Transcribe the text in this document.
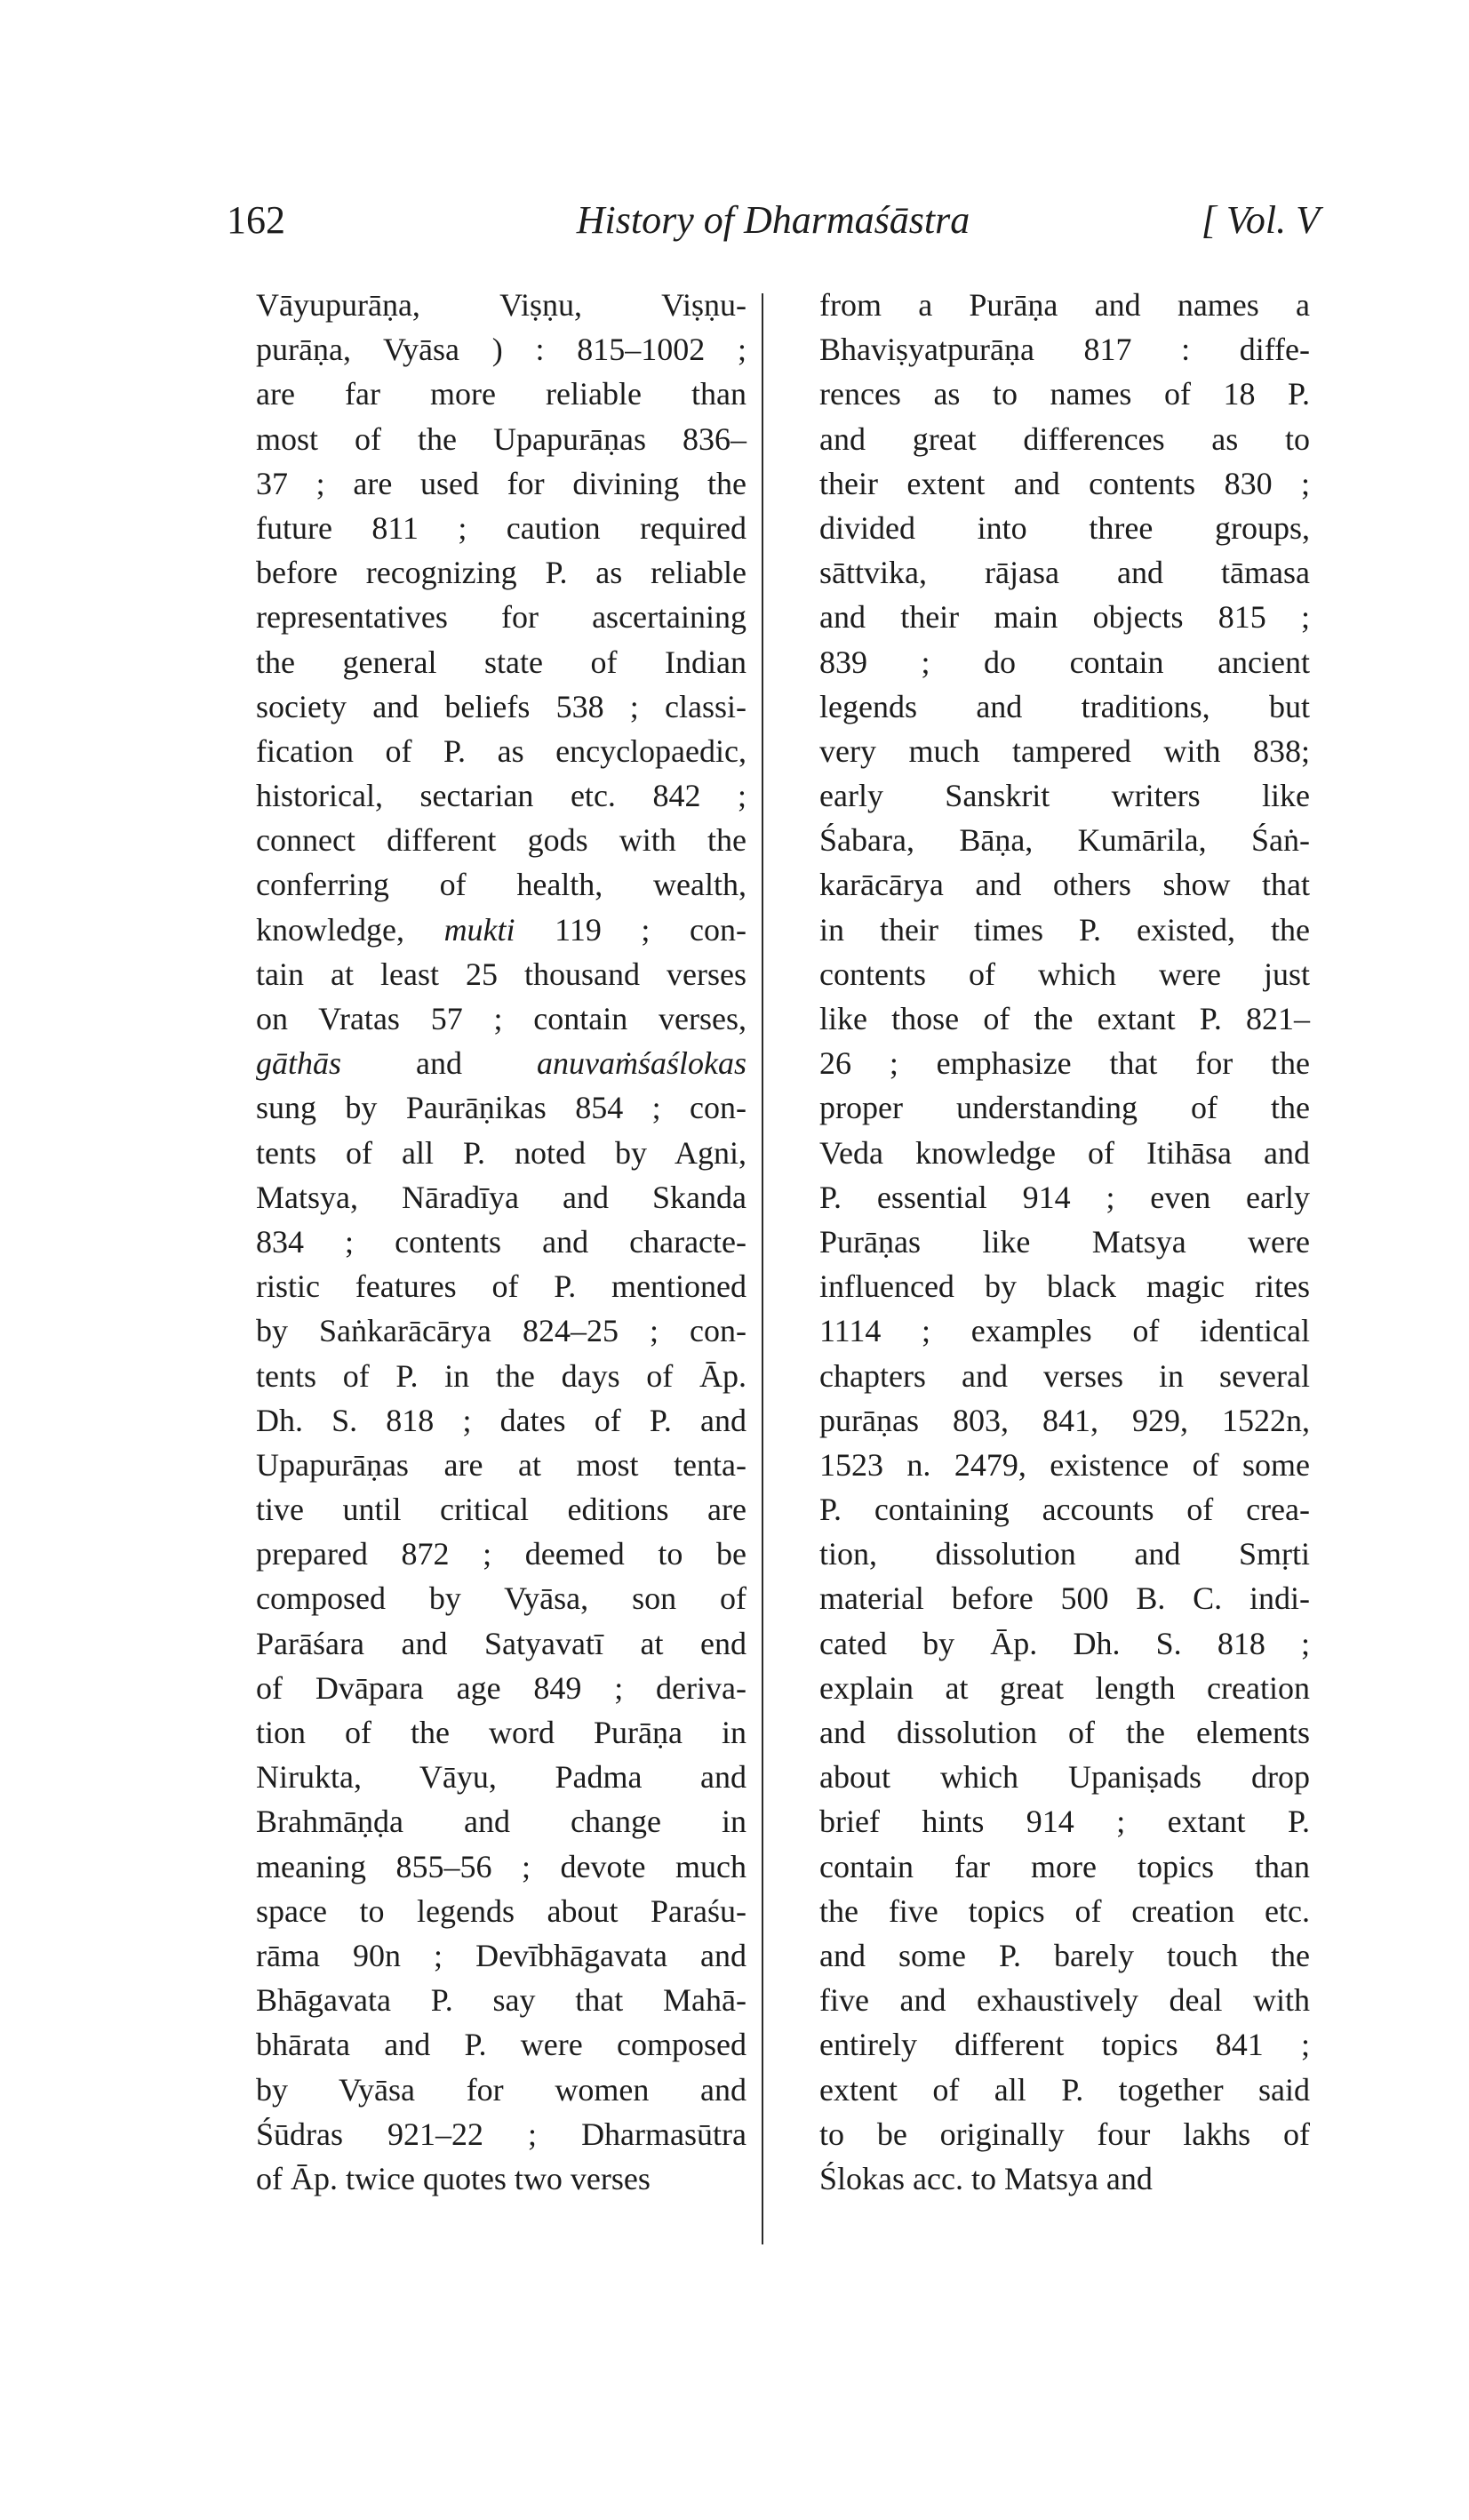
162	History of Dharmaśāstra	[ Vol. V
Vāyupurāṇa, Viṣṇu, Viṣṇu-
purāṇa, Vyāsa ) : 815–1002 ;
are far more reliable than
most of the Upapurāṇas 836–
37 ; are used for divining the
future 811 ; caution required
before recognizing P. as reliable
representatives for ascertaining
the general state of Indian
society and beliefs 538 ; classi-
fication of P. as encyclopaedic,
historical, sectarian etc. 842 ;
connect different gods with the
conferring of health, wealth,
knowledge, mukti 119 ; con-
tain at least 25 thousand verses
on Vratas 57 ; contain verses,
gāthās and anuvaṁśaślokas
sung by Paurāṇikas 854 ; con-
tents of all P. noted by Agni,
Matsya, Nāradīya and Skanda
834 ; contents and characte-
ristic features of P. mentioned
by Saṅkarācārya 824–25 ; con-
tents of P. in the days of Āp.
Dh. S. 818 ; dates of P. and
Upapurāṇas are at most tenta-
tive until critical editions are
prepared 872 ; deemed to be
composed by Vyāsa, son of
Parāśara and Satyavatī at end
of Dvāpara age 849 ; deriva-
tion of the word Purāṇa in
Nirukta, Vāyu, Padma and
Brahmāṇḍa and change in
meaning 855–56 ; devote much
space to legends about Paraśu-
rāma 90n ; Devībhāgavata and
Bhāgavata P. say that Mahā-
bhārata and P. were composed
by Vyāsa for women and
Śūdras 921–22 ; Dharmasūtra
of Āp. twice quotes two verses
from a Purāṇa and names a
Bhaviṣyatpurāṇa 817 : diffe-
rences as to names of 18 P.
and great differences as to
their extent and contents 830 ;
divided into three groups,
sāttvika, rājasa and tāmasa
and their main objects 815 ;
839 ; do contain ancient
legends and traditions, but
very much tampered with 838;
early Sanskrit writers like
Śabara, Bāṇa, Kumārila, Śaṅ-
karācārya and others show that
in their times P. existed, the
contents of which were just
like those of the extant P. 821–
26 ; emphasize that for the
proper understanding of the
Veda knowledge of Itihāsa and
P. essential 914 ; even early
Purāṇas like Matsya were
influenced by black magic rites
1114 ; examples of identical
chapters and verses in several
purāṇas 803, 841, 929, 1522n,
1523 n. 2479, existence of some
P. containing accounts of crea-
tion, dissolution and Smṛti
material before 500 B. C. indi-
cated by Āp. Dh. S. 818 ;
explain at great length creation
and dissolution of the elements
about which Upaniṣads drop
brief hints 914 ; extant P.
contain far more topics than
the five topics of creation etc.
and some P. barely touch the
five and exhaustively deal with
entirely different topics 841 ;
extent of all P. together said
to be originally four lakhs of
Ślokas acc. to Matsya and
